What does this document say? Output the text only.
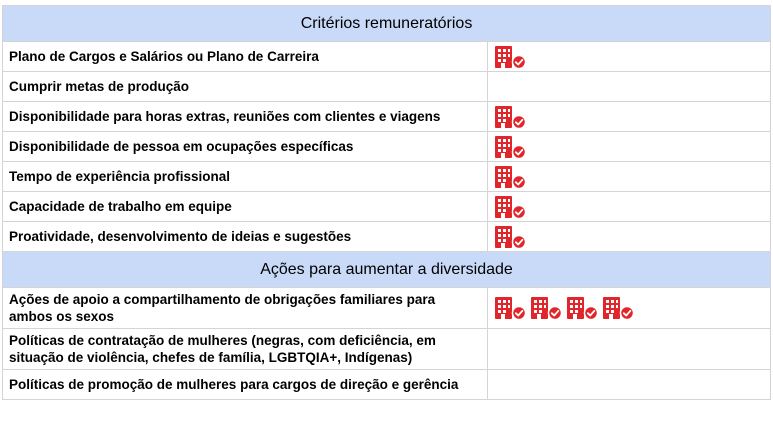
Critérios remuneratórios	
Plano de Cargos e Salários ou Plano de Carreira	

Cumprir metas de produção	
Disponibilidade para horas extras, reuniões com clientes e viagens	

Disponibilidade de pessoa em ocupações específicas	

Tempo de experiência profissional	

Capacidade de trabalho em equipe	

Proatividade, desenvolvimento de ideias e sugestões	

Ações para aumentar a diversidade	
Ações de apoio a compartilhamento de obrigações familiares para ambos os sexos	

Políticas de contratação de mulheres (negras, com deficiência, em situação de violência, chefes de família, LGBTQIA+, Indígenas)	
Políticas de promoção de mulheres para cargos de direção e gerência	
